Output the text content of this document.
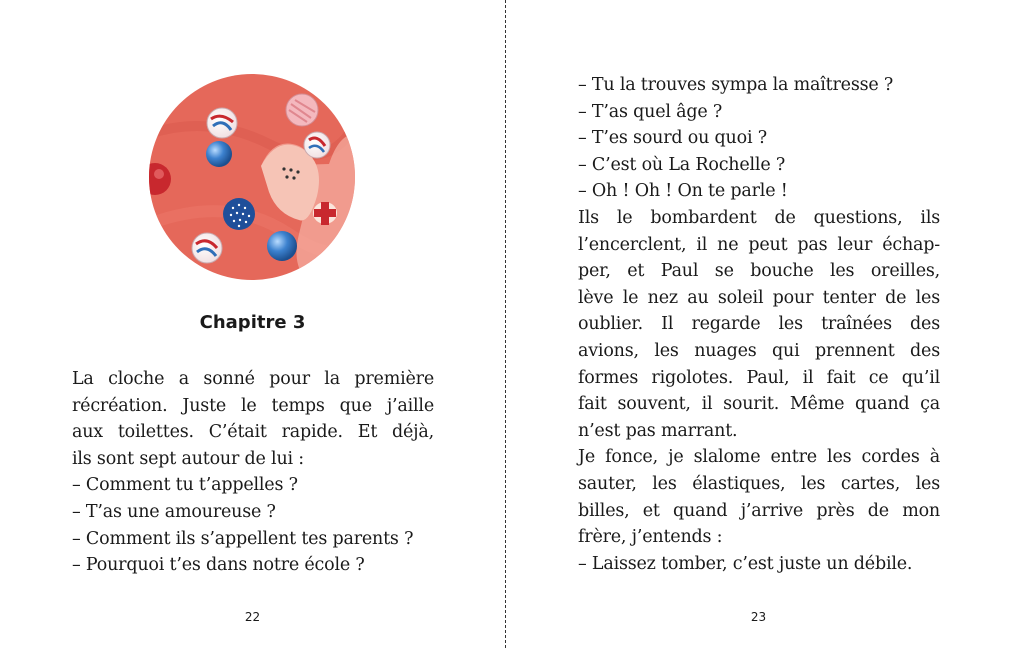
Chapitre 3
La cloche a sonné pour la première
récréation. Juste le temps que j’aille
aux toilettes. C’était rapide. Et déjà,
ils sont sept autour de lui :
– Comment tu t’appelles ?
– T’as une amoureuse ?
– Comment ils s’appellent tes parents ?
– Pourquoi t’es dans notre école ?
22
– Tu la trouves sympa la maîtresse ?
– T’as quel âge ?
– T’es sourd ou quoi ?
– C’est où La Rochelle ?
– Oh ! Oh ! On te parle !
Ils le bombardent de questions, ils
l’encerclent, il ne peut pas leur échap-
per, et Paul se bouche les oreilles,
lève le nez au soleil pour tenter de les
oublier. Il regarde les traînées des
avions, les nuages qui prennent des
formes rigolotes. Paul, il fait ce qu’il
fait souvent, il sourit. Même quand ça
n’est pas marrant.
Je fonce, je slalome entre les cordes à
sauter, les élastiques, les cartes, les
billes, et quand j’arrive près de mon
frère, j’entends :
– Laissez tomber, c’est juste un débile.
23
